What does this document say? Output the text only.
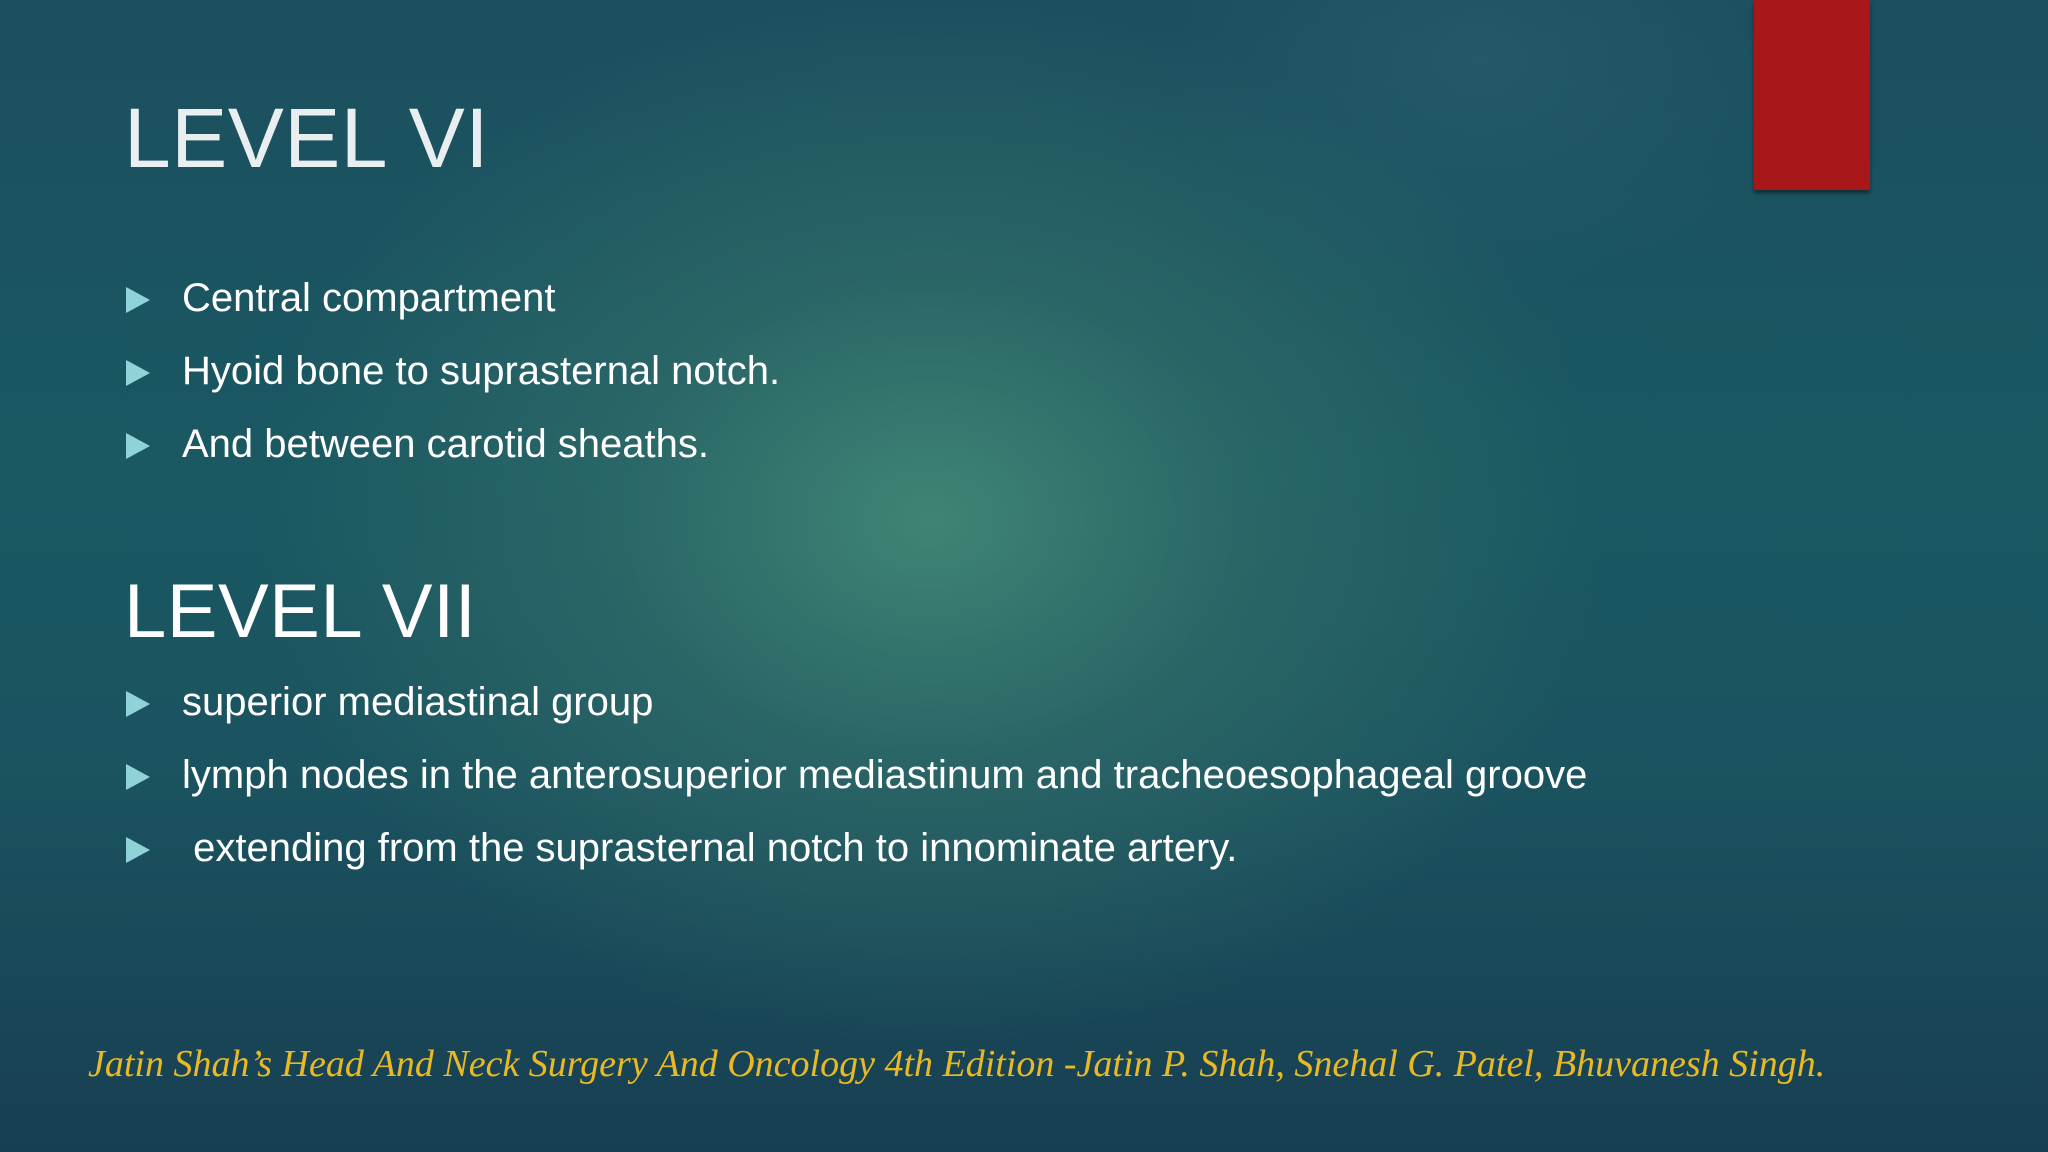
LEVEL VI
Central compartment
Hyoid bone to suprasternal notch.
And between carotid sheaths.
LEVEL VII
superior mediastinal group
lymph nodes in the anterosuperior mediastinum and tracheoesophageal groove
extending from the suprasternal notch to innominate artery.
Jatin Shah’s Head And Neck Surgery And Oncology 4th Edition -Jatin P. Shah, Snehal G. Patel, Bhuvanesh Singh.
